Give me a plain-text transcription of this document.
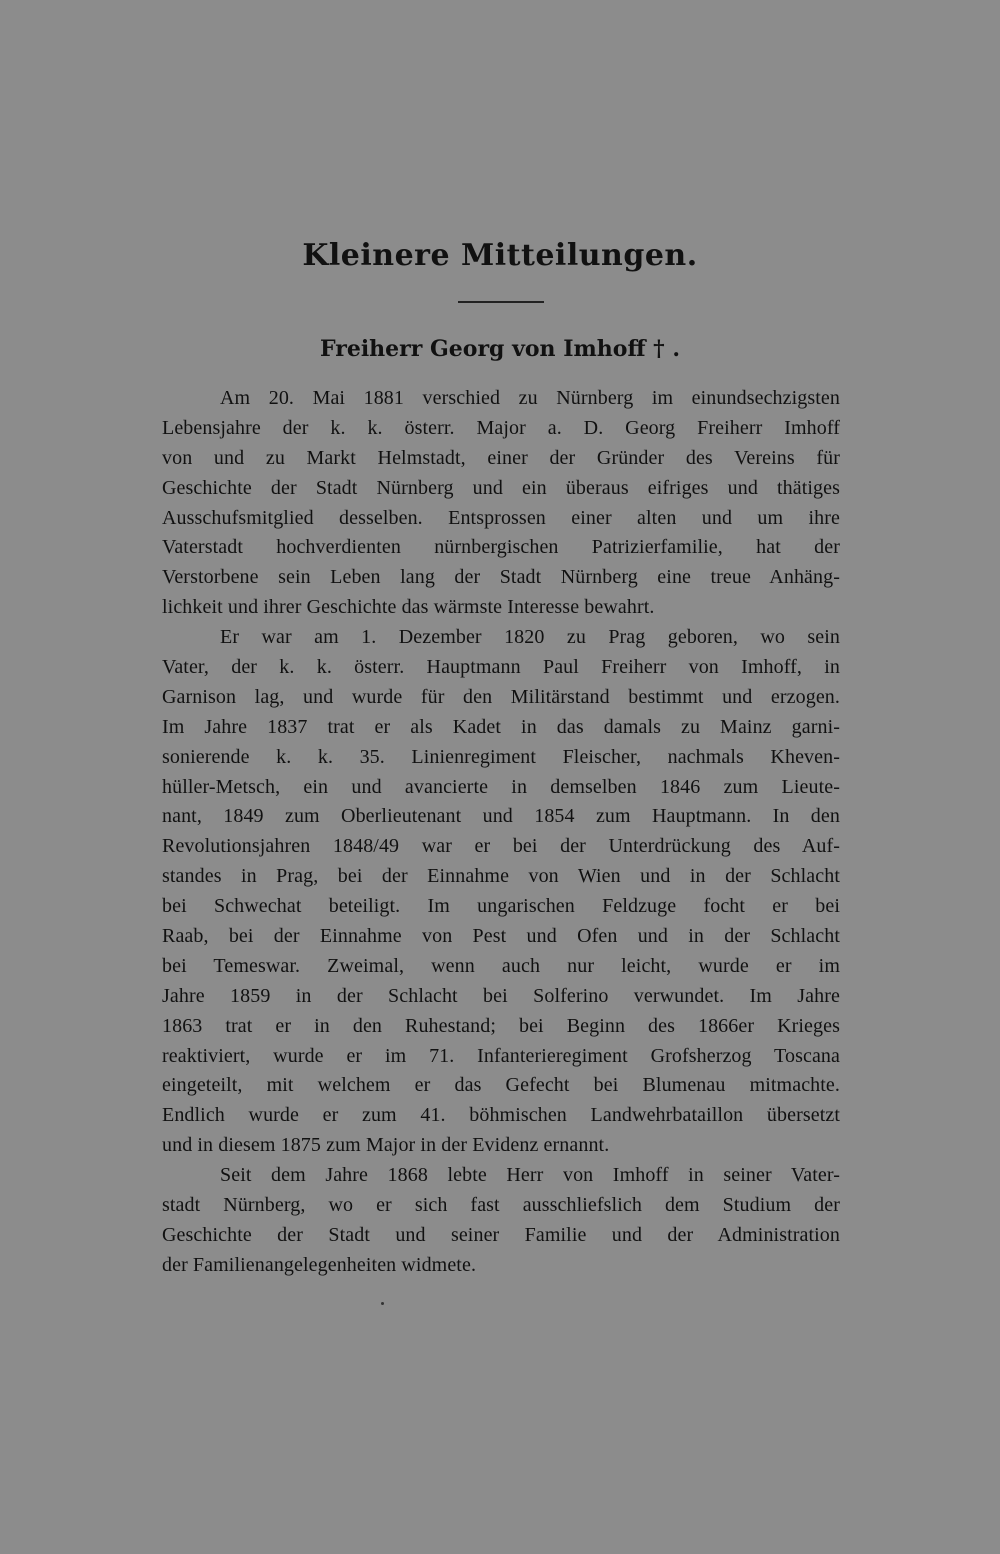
Kleinere Mitteilungen.
Freiherr Georg von Imhoff † .
Am 20. Mai 1881 verschied zu Nürnberg im einundsechzigsten
Lebensjahre der k. k. österr. Major a. D. Georg Freiherr Imhoff
von und zu Markt Helmstadt, einer der Gründer des Vereins für
Geschichte der Stadt Nürnberg und ein überaus eifriges und thätiges
Ausschufsmitglied desselben. Entsprossen einer alten und um ihre
Vaterstadt hochverdienten nürnbergischen Patrizierfamilie, hat der
Verstorbene sein Leben lang der Stadt Nürnberg eine treue Anhäng-
lichkeit und ihrer Geschichte das wärmste Interesse bewahrt.
Er war am 1. Dezember 1820 zu Prag geboren, wo sein
Vater, der k. k. österr. Hauptmann Paul Freiherr von Imhoff, in
Garnison lag, und wurde für den Militärstand bestimmt und erzogen.
Im Jahre 1837 trat er als Kadet in das damals zu Mainz garni-
sonierende k. k. 35. Linienregiment Fleischer, nachmals Kheven-
hüller-Metsch, ein und avancierte in demselben 1846 zum Lieute-
nant, 1849 zum Oberlieutenant und 1854 zum Hauptmann. In den
Revolutionsjahren 1848/49 war er bei der Unterdrückung des Auf-
standes in Prag, bei der Einnahme von Wien und in der Schlacht
bei Schwechat beteiligt. Im ungarischen Feldzuge focht er bei
Raab, bei der Einnahme von Pest und Ofen und in der Schlacht
bei Temeswar. Zweimal, wenn auch nur leicht, wurde er im
Jahre 1859 in der Schlacht bei Solferino verwundet. Im Jahre
1863 trat er in den Ruhestand; bei Beginn des 1866er Krieges
reaktiviert, wurde er im 71. Infanterieregiment Grofsherzog Toscana
eingeteilt, mit welchem er das Gefecht bei Blumenau mitmachte.
Endlich wurde er zum 41. böhmischen Landwehrbataillon übersetzt
und in diesem 1875 zum Major in der Evidenz ernannt.
Seit dem Jahre 1868 lebte Herr von Imhoff in seiner Vater-
stadt Nürnberg, wo er sich fast ausschliefslich dem Studium der
Geschichte der Stadt und seiner Familie und der Administration
der Familienangelegenheiten widmete.
